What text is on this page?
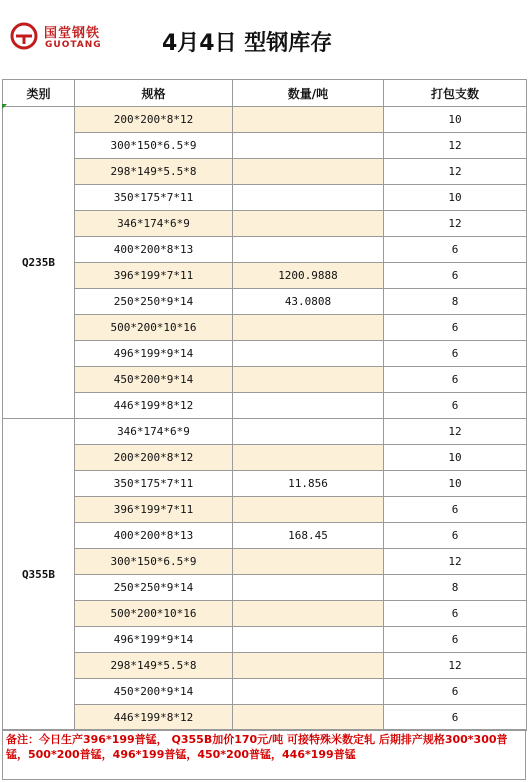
国堂钢铁
GUOTANG	4月4日 型钢库存
类别	规格	数量/吨	打包支数
Q235B	200*200*8*12		10
	300*150*6.5*9		12
	298*149*5.5*8		12
	350*175*7*11		10
	346*174*6*9		12
	400*200*8*13		6
	396*199*7*11	1200.9888	6
	250*250*9*14	43.0808	8
	500*200*10*16		6
	496*199*9*14		6
	450*200*9*14		6
	446*199*8*12		6
Q355B	346*174*6*9		12
	200*200*8*12		10
	350*175*7*11	11.856	10
	396*199*7*11		6
	400*200*8*13	168.45	6
	300*150*6.5*9		12
	250*250*9*14		8
	500*200*10*16		6
	496*199*9*14		6
	298*149*5.5*8		12
	450*200*9*14		6
	446*199*8*12		6
备注：今日生产396*199普锰， Q355B加价170元/吨 可接特殊米数定轧 后期排产规格300*300普锰，500*200普锰，496*199普锰，450*200普锰，446*199普锰
